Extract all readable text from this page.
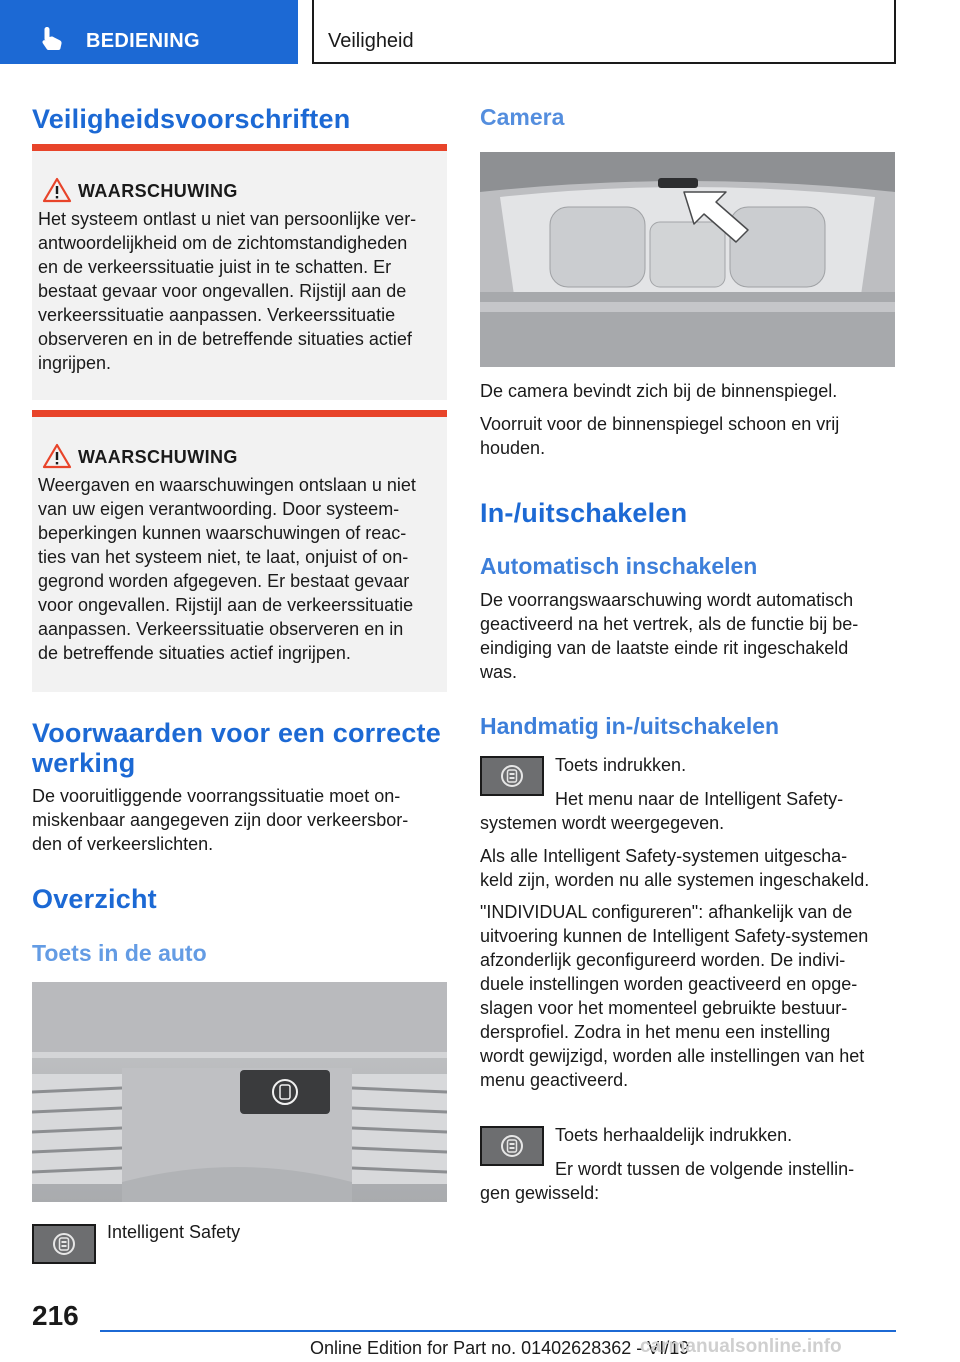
BEDIENING	Veiligheid
Veiligheidsvoorschriften
WAARSCHUWING
Het systeem ontlast u niet van persoonlijke ver-
antwoordelijkheid om de zichtomstandigheden
en de verkeerssituatie juist in te schatten. Er
bestaat gevaar voor ongevallen. Rijstijl aan de
verkeerssituatie aanpassen. Verkeerssituatie
observeren en in de betreffende situaties actief
ingrijpen.
WAARSCHUWING
Weergaven en waarschuwingen ontslaan u niet
van uw eigen verantwoording. Door systeem-
beperkingen kunnen waarschuwingen of reac-
ties van het systeem niet, te laat, onjuist of on-
gegrond worden afgegeven. Er bestaat gevaar
voor ongevallen. Rijstijl aan de verkeerssituatie
aanpassen. Verkeerssituatie observeren en in
de betreffende situaties actief ingrijpen.
Voorwaarden voor een correcte
werking
De vooruitliggende voorrangssituatie moet on-
miskenbaar aangegeven zijn door verkeersbor-
den of verkeerslichten.
Overzicht
Toets in de auto
Intelligent Safety
Camera
De camera bevindt zich bij de binnenspiegel.
Voorruit voor de binnenspiegel schoon en vrij
houden.
In-/uitschakelen
Automatisch inschakelen
De voorrangswaarschuwing wordt automatisch
geactiveerd na het vertrek, als de functie bij be-
eindiging van de laatste einde rit ingeschakeld
was.
Handmatig in-/uitschakelen
Toets indrukken.
Het menu naar de Intelligent Safety-
systemen wordt weergegeven.
Als alle Intelligent Safety-systemen uitgescha-
keld zijn, worden nu alle systemen ingeschakeld.
"INDIVIDUAL configureren": afhankelijk van de
uitvoering kunnen de Intelligent Safety-systemen
afzonderlijk geconfigureerd worden. De indivi-
duele instellingen worden geactiveerd en opge-
slagen voor het momenteel gebruikte bestuur-
dersprofiel. Zodra in het menu een instelling
wordt gewijzigd, worden alle instellingen van het
menu geactiveerd.
Toets herhaaldelijk indrukken.
Er wordt tussen de volgende instellin-
gen gewisseld:
216
Online Edition for Part no. 01402628362 - VI/19
carmanualsonline.info
